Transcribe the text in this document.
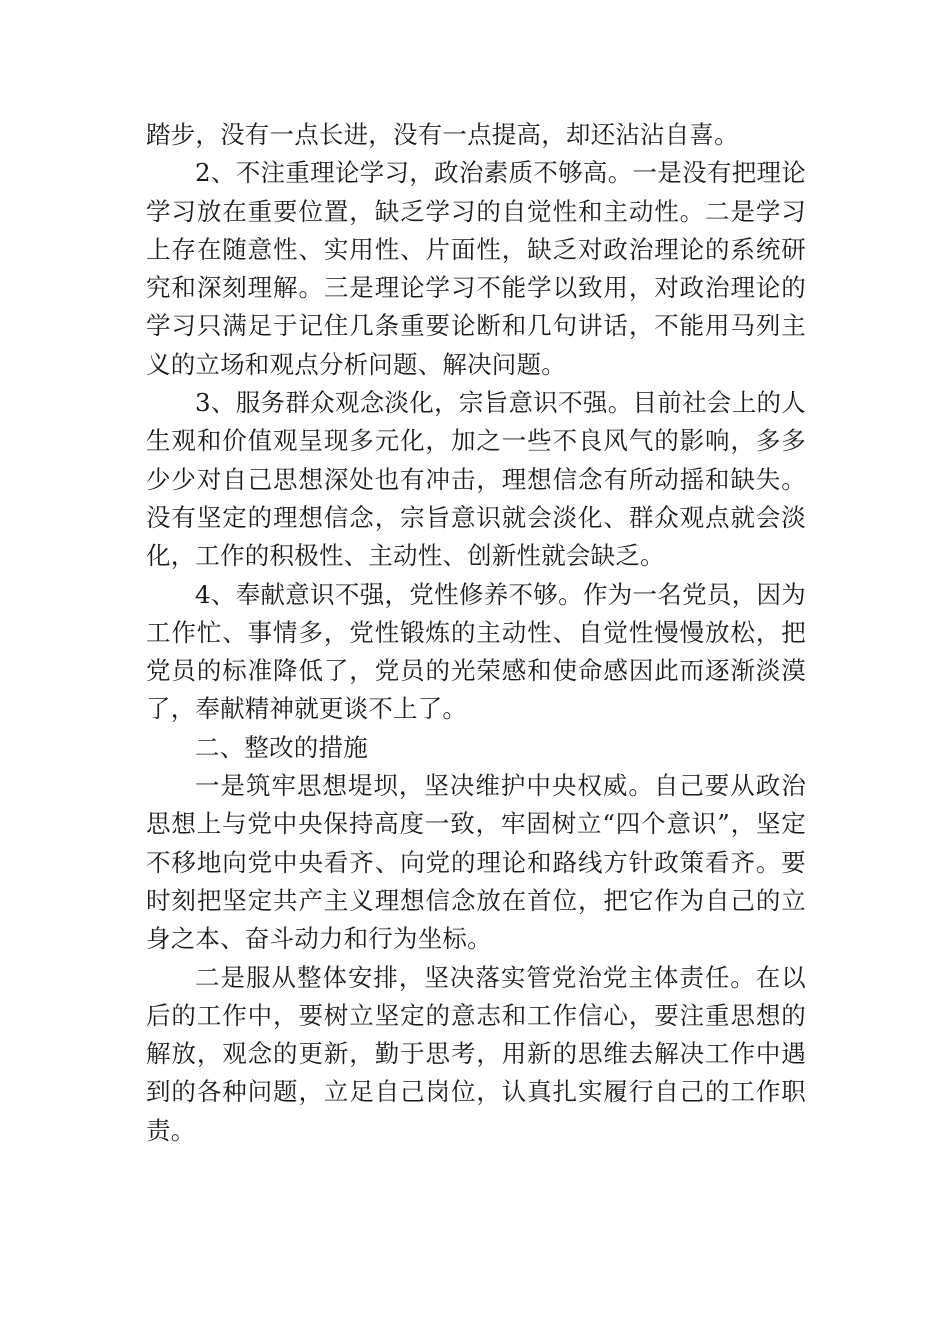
踏步，没有一点长进，没有一点提高，却还沾沾自喜。

2、不注重理论学习，政治素质不够高。一是没有把理论学习放在重要位置，缺乏学习的自觉性和主动性。二是学习上存在随意性、实用性、片面性，缺乏对政治理论的系统研究和深刻理解。三是理论学习不能学以致用，对政治理论的学习只满足于记住几条重要论断和几句讲话，不能用马列主义的立场和观点分析问题、解决问题。

3、服务群众观念淡化，宗旨意识不强。目前社会上的人生观和价值观呈现多元化，加之一些不良风气的影响，多多少少对自己思想深处也有冲击，理想信念有所动摇和缺失。没有坚定的理想信念，宗旨意识就会淡化、群众观点就会淡化，工作的积极性、主动性、创新性就会缺乏。

4、奉献意识不强，党性修养不够。作为一名党员，因为工作忙、事情多，党性锻炼的主动性、自觉性慢慢放松，把党员的标准降低了，党员的光荣感和使命感因此而逐渐淡漠了，奉献精神就更谈不上了。

二、整改的措施

一是筑牢思想堤坝，坚决维护中央权威。自己要从政治思想上与党中央保持高度一致，牢固树立“四个意识”，坚定不移地向党中央看齐、向党的理论和路线方针政策看齐。要时刻把坚定共产主义理想信念放在首位，把它作为自己的立身之本、奋斗动力和行为坐标。

二是服从整体安排，坚决落实管党治党主体责任。在以后的工作中，要树立坚定的意志和工作信心，要注重思想的解放，观念的更新，勤于思考，用新的思维去解决工作中遇到的各种问题，立足自己岗位，认真扎实履行自己的工作职责。
